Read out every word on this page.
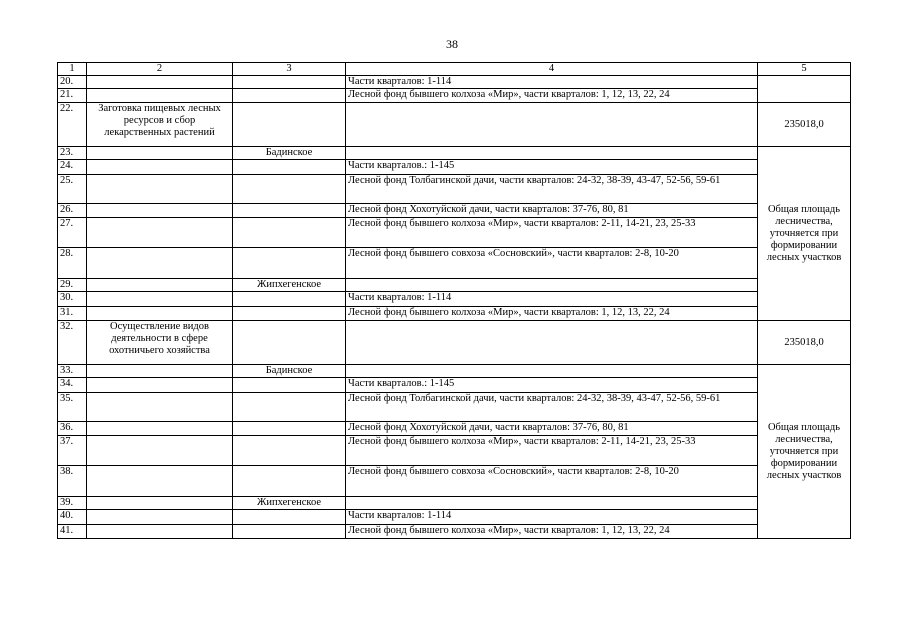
38
1	2	3	4	5	
20.			Части кварталов: 1-114		
21.			Лесной фонд бывшего колхоза «Мир», части кварталов: 1, 12, 13, 22, 24		
22.	Заготовка пищевых лесных ресурсов и сбор лекарственных растений			235018,0	
23.		Бадинское		Общая площадь лесничества, уточняется при формировании лесных участков	
24.			Части кварталов.: 1-145		
25.			Лесной фонд Толбагинской дачи, части кварталов: 24-32, 38-39, 43-47, 52-56, 59-61		
26.			Лесной фонд Хохотуйской дачи, части кварталов: 37-76, 80, 81		
27.			Лесной фонд бывшего колхоза «Мир», части кварталов: 2-11, 14-21, 23, 25-33		
28.			Лесной фонд бывшего совхоза «Сосновский», части кварталов: 2-8, 10-20		
29.		Жипхегенское			
30.			Части кварталов: 1-114		
31.			Лесной фонд бывшего колхоза «Мир», части кварталов: 1, 12, 13, 22, 24		
32.	Осуществление видов деятельности в сфере охотничьего хозяйства			235018,0	
33.		Бадинское		Общая площадь лесничества, уточняется при формировании лесных участков	
34.			Части кварталов.: 1-145		
35.			Лесной фонд Толбагинской дачи, части кварталов: 24-32, 38-39, 43-47, 52-56, 59-61		
36.			Лесной фонд Хохотуйской дачи, части кварталов: 37-76, 80, 81		
37.			Лесной фонд бывшего колхоза «Мир», части кварталов: 2-11, 14-21, 23, 25-33		
38.			Лесной фонд бывшего совхоза «Сосновский», части кварталов: 2-8, 10-20		
39.		Жипхегенское			
40.			Части кварталов: 1-114		
41.			Лесной фонд бывшего колхоза «Мир», части кварталов: 1, 12, 13, 22, 24		
